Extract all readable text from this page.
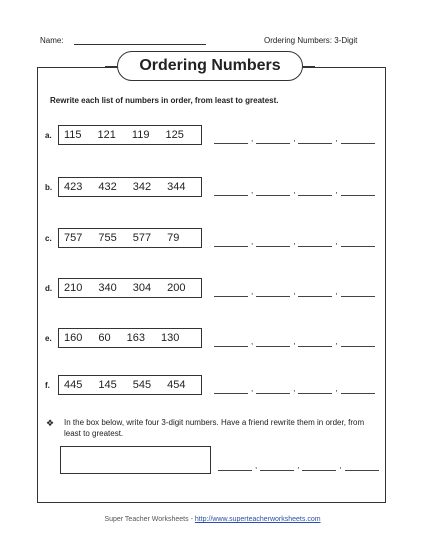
Name:	Ordering Numbers: 3-Digit
Ordering Numbers
Rewrite each list of numbers in order, from least to greatest.
a. 115 121 119 125	,	,	,
b. 423 432 342 344	,	,	,
c. 757 755 577 79	,	,	,
d. 210 340 304 200	,	,	,
e. 160 60 163 130	,	,	,
f. 445 145 545 454	,	,	,
❖ In the box below, write four 3-digit numbers. Have a friend rewrite them in order, from least to greatest.
,	,	,
Super Teacher Worksheets - http://www.superteacherworksheets.com
